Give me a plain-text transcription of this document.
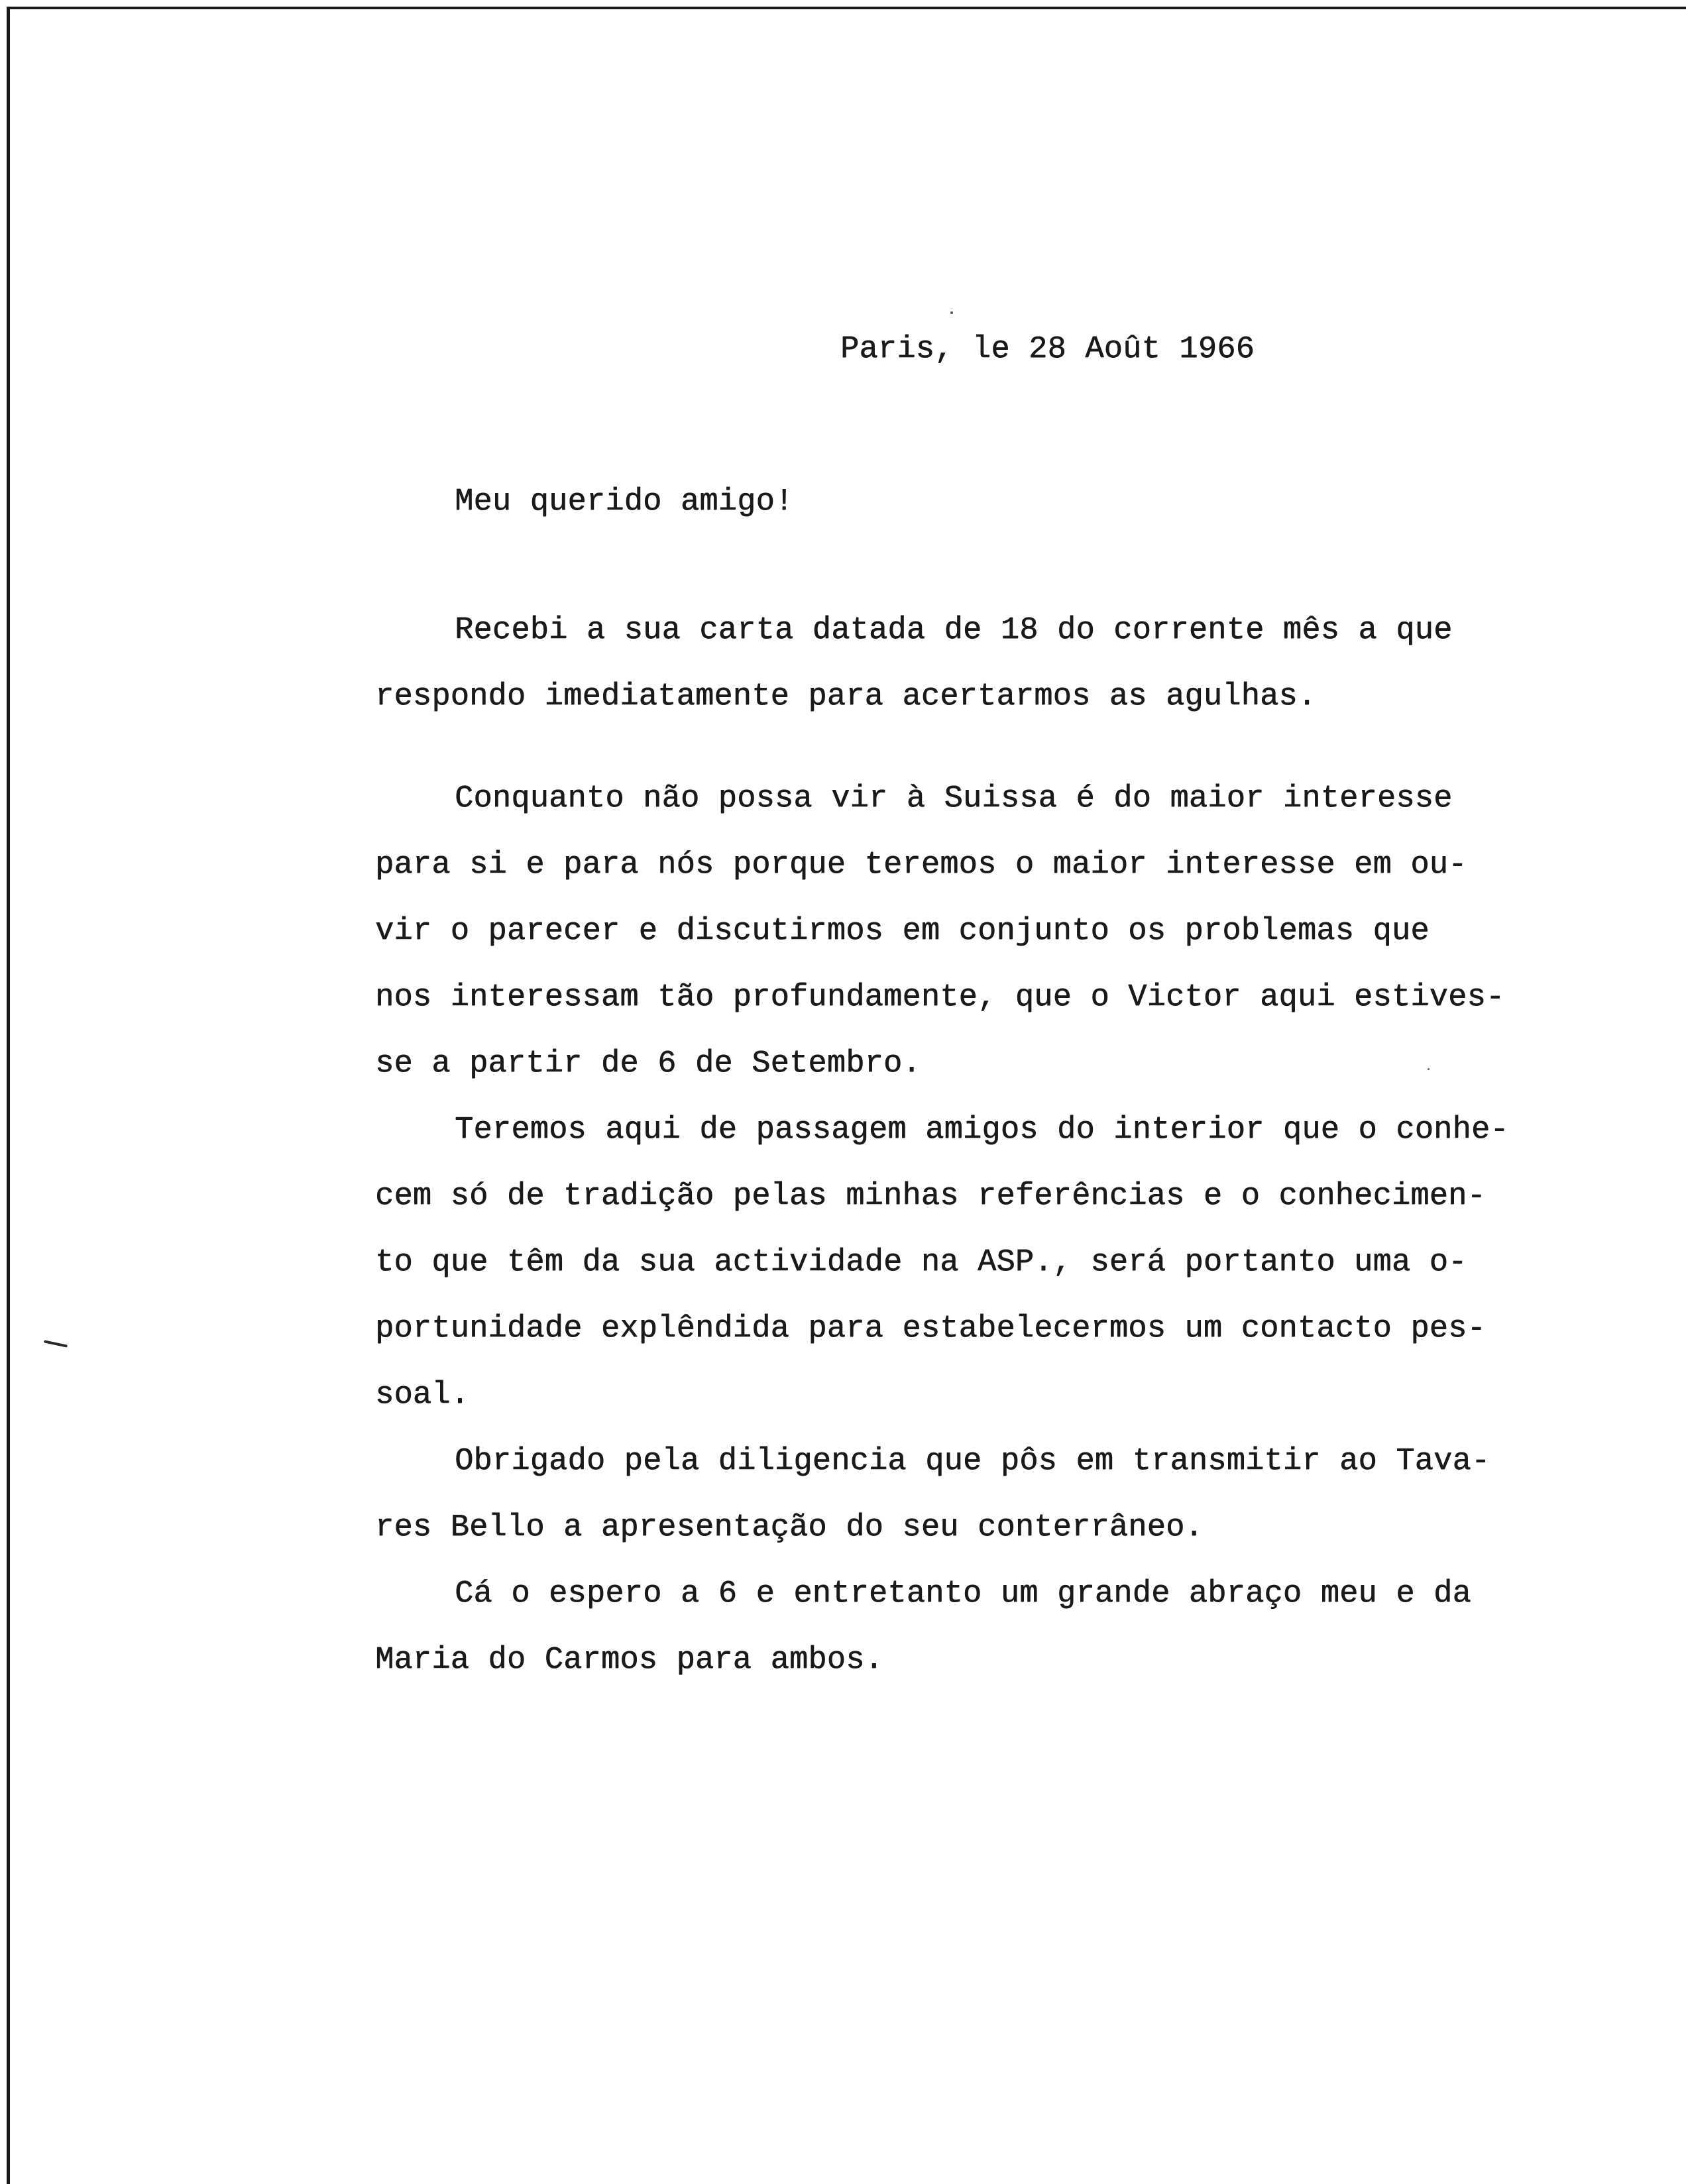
Paris, le 28 Août 1966
Meu querido amigo!
Recebi a sua carta datada de 18 do corrente mês a que
respondo imediatamente para acertarmos as agulhas.
Conquanto não possa vir à Suissa é do maior interesse
para si e para nós porque teremos o maior interesse em ou-
vir o parecer e discutirmos em conjunto os problemas que
nos interessam tão profundamente, que o Victor aqui estives-
se a partir de 6 de Setembro.
Teremos aqui de passagem amigos do interior que o conhe-
cem só de tradição pelas minhas referências e o conhecimen-
to que têm da sua actividade na ASP., será portanto uma o-
portunidade explêndida para estabelecermos um contacto pes-
soal.
Obrigado pela diligencia que pôs em transmitir ao Tava-
res Bello a apresentação do seu conterrâneo.
Cá o espero a 6 e entretanto um grande abraço meu e da
Maria do Carmos para ambos.
